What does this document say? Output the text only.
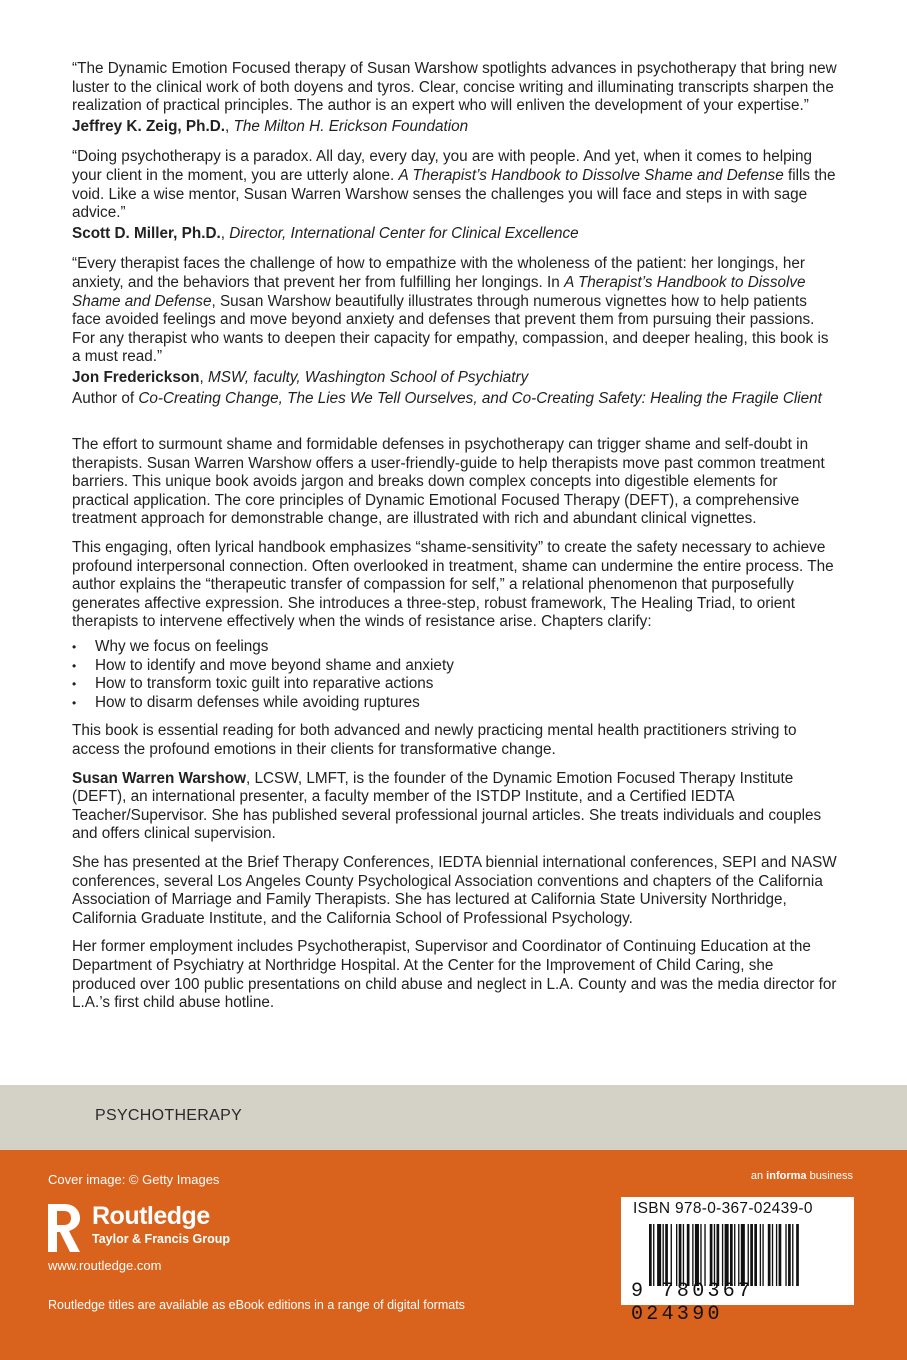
“The Dynamic Emotion Focused therapy of Susan Warshow spotlights advances in psychotherapy that bring new luster to the clinical work of both doyens and tyros. Clear, concise writing and illuminating transcripts sharpen the realization of practical principles. The author is an expert who will enliven the development of your expertise.”

Jeffrey K. Zeig, Ph.D., The Milton H. Erickson Foundation

“Doing psychotherapy is a paradox. All day, every day, you are with people. And yet, when it comes to helping your client in the moment, you are utterly alone. A Therapist’s Handbook to Dissolve Shame and Defense fills the void. Like a wise mentor, Susan Warren Warshow senses the challenges you will face and steps in with sage advice.”

Scott D. Miller, Ph.D., Director, International Center for Clinical Excellence

“Every therapist faces the challenge of how to empathize with the wholeness of the patient: her longings, her anxiety, and the behaviors that prevent her from fulfilling her longings. In A Therapist’s Handbook to Dissolve Shame and Defense, Susan Warshow beautifully illustrates through numerous vignettes how to help patients face avoided feelings and move beyond anxiety and defenses that prevent them from pursuing their passions. For any therapist who wants to deepen their capacity for empathy, compassion, and deeper healing, this book is a must read.”

Jon Frederickson, MSW, faculty, Washington School of Psychiatry

Author of Co-Creating Change, The Lies We Tell Ourselves, and Co-Creating Safety: Healing the Fragile Client

The effort to surmount shame and formidable defenses in psychotherapy can trigger shame and self-doubt in therapists. Susan Warren Warshow offers a user-friendly-guide to help therapists move past common treatment barriers. This unique book avoids jargon and breaks down complex concepts into digestible elements for practical application. The core principles of Dynamic Emotional Focused Therapy (DEFT), a comprehensive treatment approach for demonstrable change, are illustrated with rich and abundant clinical vignettes.

This engaging, often lyrical handbook emphasizes “shame-sensitivity” to create the safety necessary to achieve profound interpersonal connection. Often overlooked in treatment, shame can undermine the entire process. The author explains the “therapeutic transfer of compassion for self,” a relational phenomenon that purposefully generates affective expression. She introduces a three-step, robust framework, The Healing Triad, to orient therapists to intervene effectively when the winds of resistance arise. Chapters clarify:

• Why we focus on feelings
• How to identify and move beyond shame and anxiety
• How to transform toxic guilt into reparative actions
• How to disarm defenses while avoiding ruptures

This book is essential reading for both advanced and newly practicing mental health practitioners striving to access the profound emotions in their clients for transformative change.

Susan Warren Warshow, LCSW, LMFT, is the founder of the Dynamic Emotion Focused Therapy Institute (DEFT), an international presenter, a faculty member of the ISTDP Institute, and a Certified IEDTA Teacher/Supervisor. She has published several professional journal articles. She treats individuals and couples and offers clinical supervision.

She has presented at the Brief Therapy Conferences, IEDTA biennial international conferences, SEPI and NASW conferences, several Los Angeles County Psychological Association conventions and chapters of the California Association of Marriage and Family Therapists. She has lectured at California State University Northridge, California Graduate Institute, and the California School of Professional Psychology.

Her former employment includes Psychotherapist, Supervisor and Coordinator of Continuing Education at the Department of Psychiatry at Northridge Hospital. At the Center for the Improvement of Child Caring, she produced over 100 public presentations on child abuse and neglect in L.A. County and was the media director for L.A.’s first child abuse hotline.

PSYCHOTHERAPY
Cover image: © Getty Images
Routledge
Taylor & Francis Group
www.routledge.com
Routledge titles are available as eBook editions in a range of digital formats
an informa business
ISBN 978-0-367-02439-0
9 780367 024390
